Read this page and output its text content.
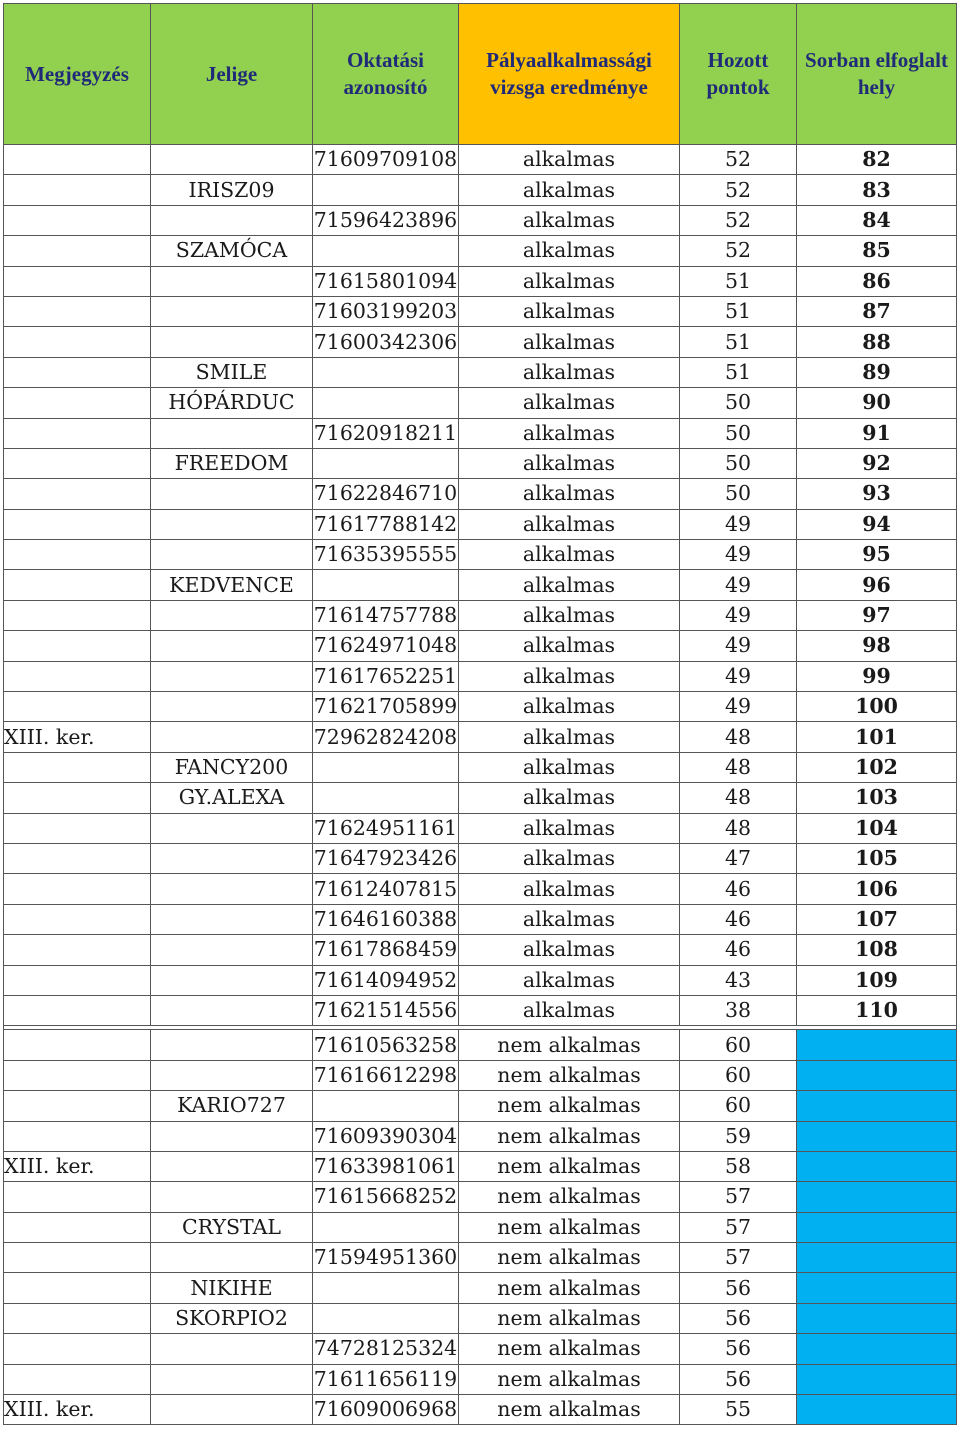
Megjegyzés	Jelige	Oktatási azonosító	Pályaalkalmassági vizsga eredménye	Hozott pontok	Sorban elfoglalt hely
		71609709108	alkalmas	52	82
	IRISZ09		alkalmas	52	83
		71596423896	alkalmas	52	84
	SZAMÓCA		alkalmas	52	85
		71615801094	alkalmas	51	86
		71603199203	alkalmas	51	87
		71600342306	alkalmas	51	88
	SMILE		alkalmas	51	89
	HÓPÁRDUC		alkalmas	50	90
		71620918211	alkalmas	50	91
	FREEDOM		alkalmas	50	92
		71622846710	alkalmas	50	93
		71617788142	alkalmas	49	94
		71635395555	alkalmas	49	95
	KEDVENCE		alkalmas	49	96
		71614757788	alkalmas	49	97
		71624971048	alkalmas	49	98
		71617652251	alkalmas	49	99
		71621705899	alkalmas	49	100
XIII. ker.		72962824208	alkalmas	48	101
	FANCY200		alkalmas	48	102
	GY.ALEXA		alkalmas	48	103
		71624951161	alkalmas	48	104
		71647923426	alkalmas	47	105
		71612407815	alkalmas	46	106
		71646160388	alkalmas	46	107
		71617868459	alkalmas	46	108
		71614094952	alkalmas	43	109
		71621514556	alkalmas	38	110

		71610563258	nem alkalmas	60	
		71616612298	nem alkalmas	60	
	KARIO727		nem alkalmas	60	
		71609390304	nem alkalmas	59	
XIII. ker.		71633981061	nem alkalmas	58	
		71615668252	nem alkalmas	57	
	CRYSTAL		nem alkalmas	57	
		71594951360	nem alkalmas	57	
	NIKIHE		nem alkalmas	56	
	SKORPIO2		nem alkalmas	56	
		74728125324	nem alkalmas	56	
		71611656119	nem alkalmas	56	
XIII. ker.		71609006968	nem alkalmas	55	
